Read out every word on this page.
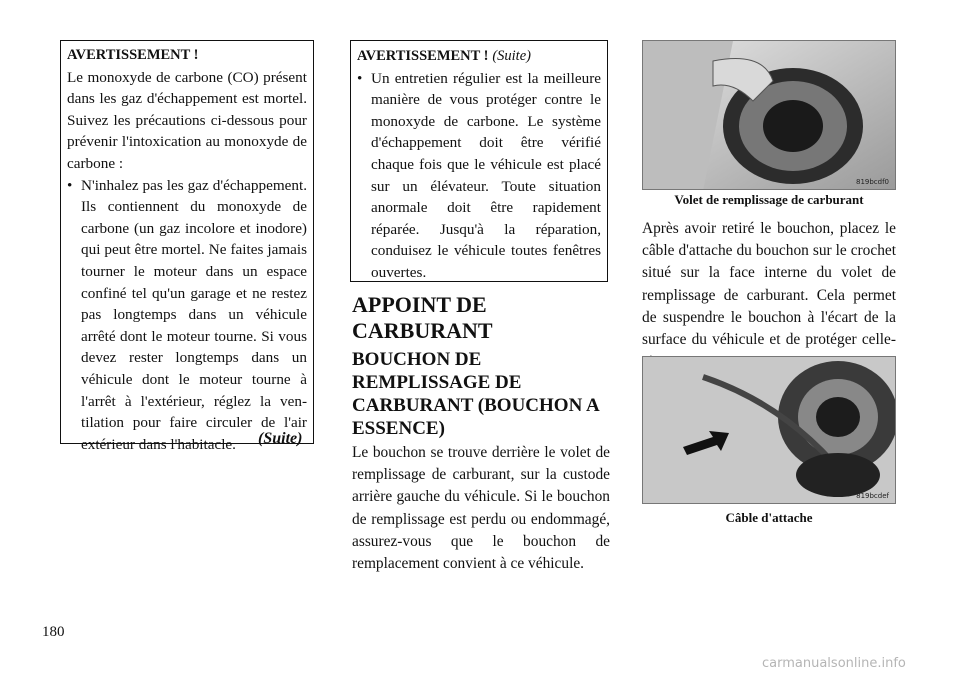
AVERTISSEMENT !
Le monoxyde de carbone (CO) présent dans les gaz d'échappement est mortel. Suivez les précautions ci-dessous pour prévenir l'intoxication au monoxyde de carbone :
• N'inhalez pas les gaz d'échappement. Ils contiennent du monoxyde de carbone (un gaz incolore et inodore) qui peut être mortel. Ne faites jamais tourner le moteur dans un espace confiné tel qu'un garage et ne restez pas longtemps dans un véhicule arrêté dont le moteur tourne. Si vous devez rester longtemps dans un véhicule dont le moteur tourne à l'arrêt à l'extérieur, réglez la ventilation pour faire circuler de l'air extérieur dans l'habitacle.	(Suite)
AVERTISSEMENT ! (Suite)
• Un entretien régulier est la meilleure manière de vous protéger contre le monoxyde de carbone. Le système d'échappement doit être vérifié chaque fois que le véhicule est placé sur un élévateur. Toute situation anormale doit être rapidement réparée. Jusqu'à la réparation, conduisez le véhicule toutes fenêtres ouvertes.
APPOINT DE CARBURANT
BOUCHON DE REMPLISSAGE DE CARBURANT (BOUCHON A ESSENCE)
Le bouchon se trouve derrière le volet de remplissage de carburant, sur la custode arrière gauche du véhicule. Si le bouchon de remplissage est perdu ou endommagé, assurez-vous que le bouchon de remplacement convient à ce véhicule.
819bcdf0
Volet de remplissage de carburant
Après avoir retiré le bouchon, placez le câble d'attache du bouchon sur le crochet situé sur la face interne du volet de remplissage de carburant. Cela permet de suspendre le bouchon à l'écart de la surface du véhicule et de protéger celle-
819bcdef
Câble d'attache
180
carmanualsonline.info
